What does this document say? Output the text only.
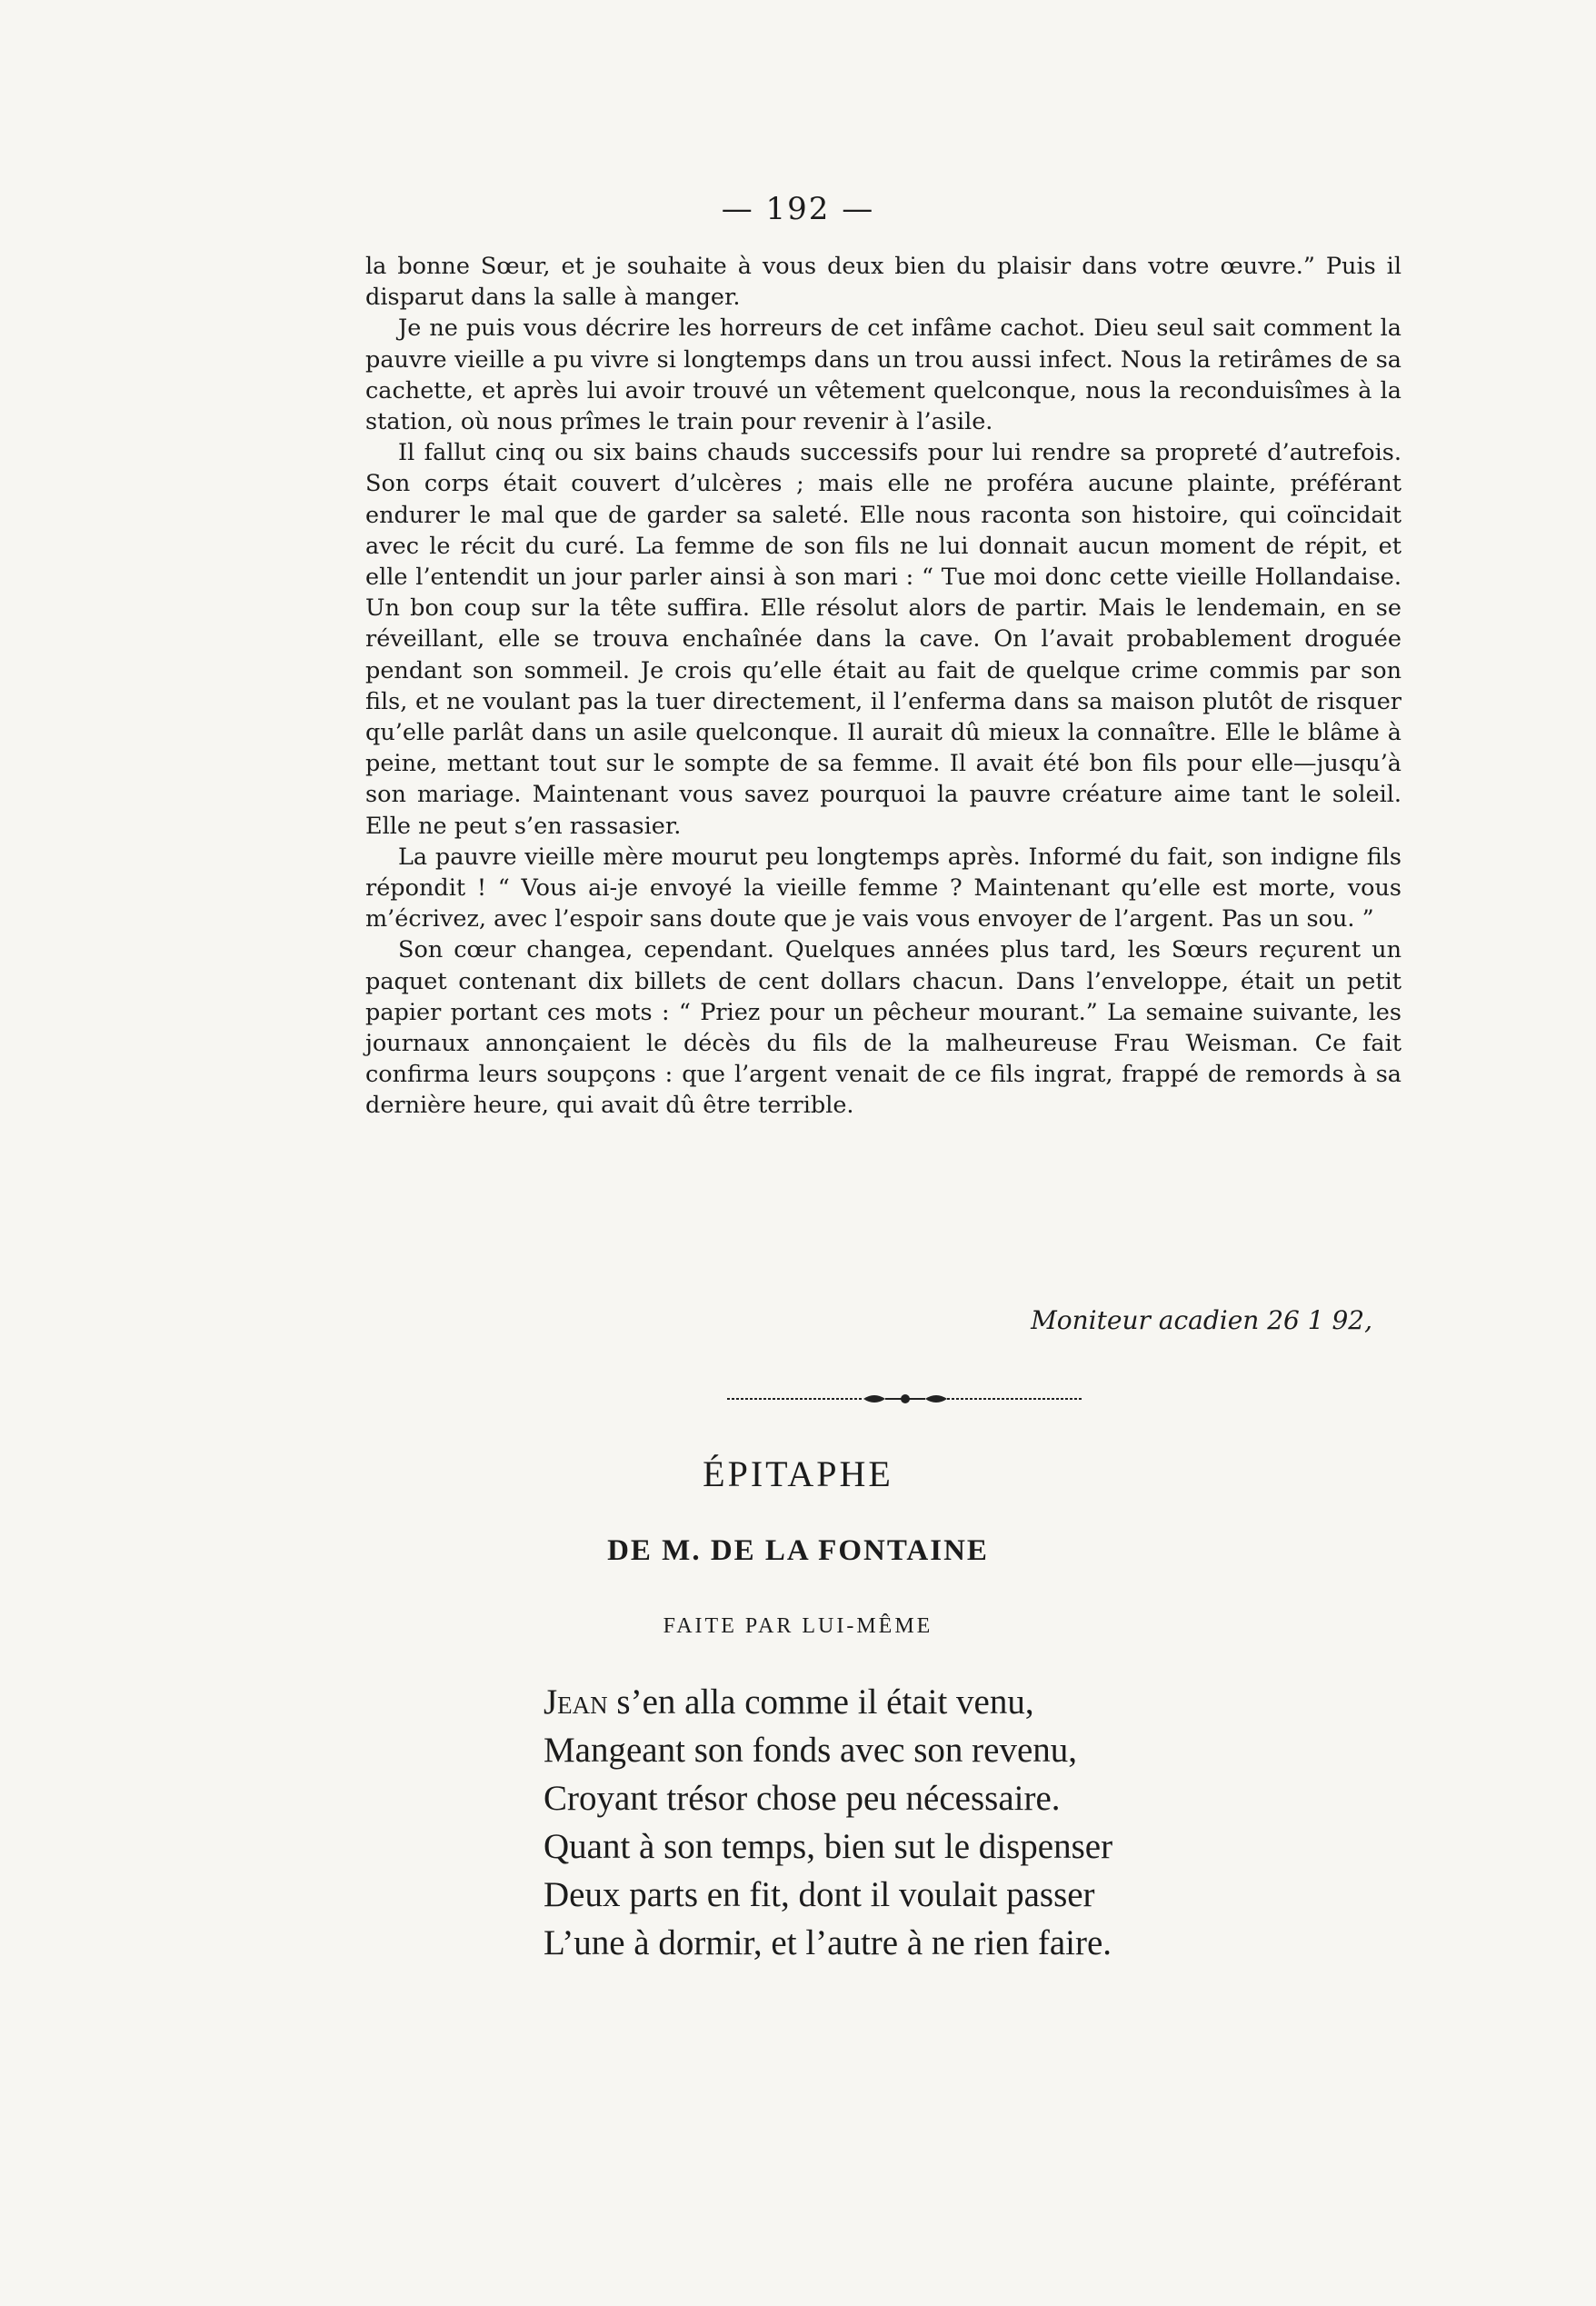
— 192 —

la bonne Sœur, et je souhaite à vous deux bien du plaisir dans votre œuvre.” Puis il disparut dans la salle à manger.

Je ne puis vous décrire les horreurs de cet infâme cachot. Dieu seul sait comment la pauvre vieille a pu vivre si longtemps dans un trou aussi infect. Nous la retirâmes de sa cachette, et après lui avoir trouvé un vêtement quelconque, nous la reconduisîmes à la station, où nous prîmes le train pour revenir à l’asile.

Il fallut cinq ou six bains chauds successifs pour lui rendre sa propreté d’autrefois. Son corps était couvert d’ulcères ; mais elle ne proféra aucune plainte, préférant endurer le mal que de garder sa saleté. Elle nous raconta son histoire, qui coïncidait avec le récit du curé. La femme de son fils ne lui donnait aucun moment de répit, et elle l’entendit un jour parler ainsi à son mari : “ Tue moi donc cette vieille Hollandaise. Un bon coup sur la tête suffira. Elle résolut alors de partir. Mais le lendemain, en se réveillant, elle se trouva enchaînée dans la cave. On l’avait probablement droguée pendant son sommeil. Je crois qu’elle était au fait de quelque crime commis par son fils, et ne voulant pas la tuer directement, il l’enferma dans sa maison plutôt de risquer qu’elle parlât dans un asile quelconque. Il aurait dû mieux la connaître. Elle le blâme à peine, mettant tout sur le sompte de sa femme. Il avait été bon fils pour elle—jusqu’à son mariage. Maintenant vous savez pourquoi la pauvre créature aime tant le soleil. Elle ne peut s’en rassasier.

La pauvre vieille mère mourut peu longtemps après. Informé du fait, son indigne fils répondit ! “ Vous ai-je envoyé la vieille femme ? Maintenant qu’elle est morte, vous m’écrivez, avec l’espoir sans doute que je vais vous envoyer de l’argent. Pas un sou. ”

Son cœur changea, cependant. Quelques années plus tard, les Sœurs reçurent un paquet contenant dix billets de cent dollars chacun. Dans l’enveloppe, était un petit papier portant ces mots : “ Priez pour un pêcheur mourant.” La semaine suivante, les journaux annonçaient le décès du fils de la malheureuse Frau Weisman. Ce fait confirma leurs soupçons : que l’argent venait de ce fils ingrat, frappé de remords à sa dernière heure, qui avait dû être terrible.

Moniteur acadien 26 1 92,
ÉPITAPHE
DE M. DE LA FONTAINE
FAITE PAR LUI-MÊME
Jean s’en alla comme il était venu,
Mangeant son fonds avec son revenu,
Croyant trésor chose peu nécessaire.
Quant à son temps, bien sut le dispenser
Deux parts en fit, dont il voulait passer
L’une à dormir, et l’autre à ne rien faire.
